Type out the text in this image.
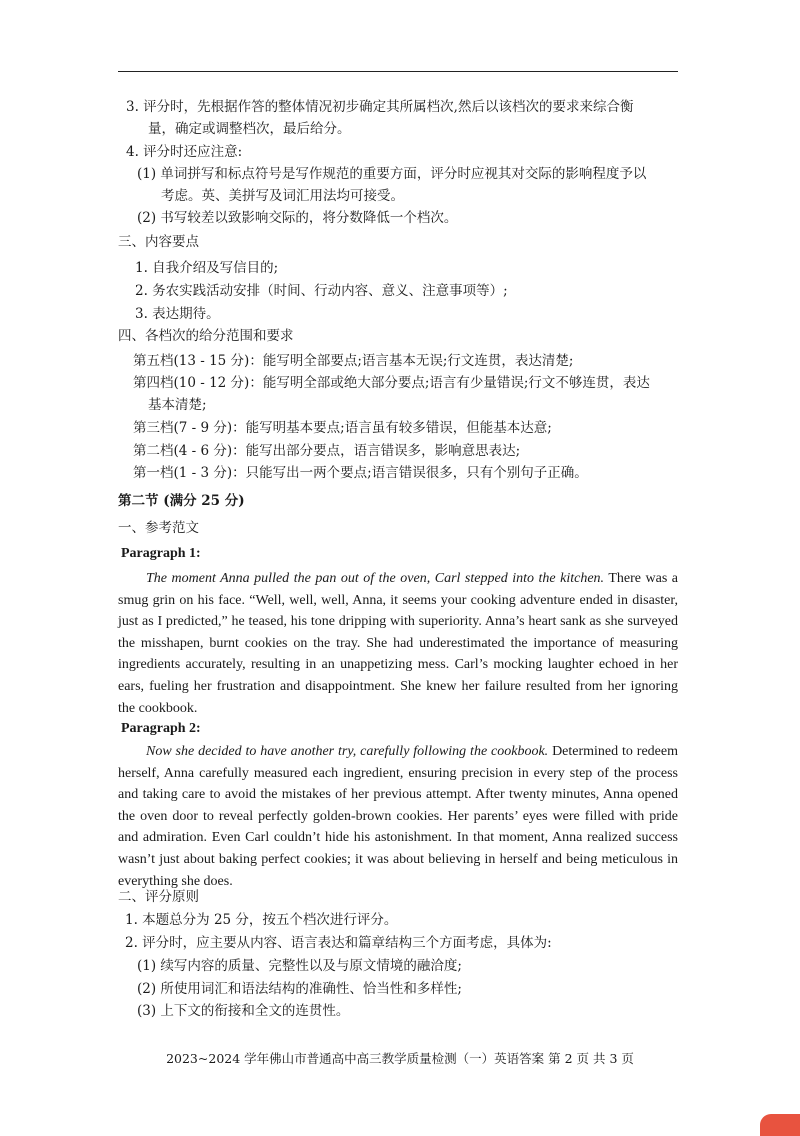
3. 评分时，先根据作答的整体情况初步确定其所属档次,然后以该档次的要求来综合衡

量，确定或调整档次，最后给分。

4. 评分时还应注意:

(1) 单词拼写和标点符号是写作规范的重要方面，评分时应视其对交际的影响程度予以

考虑。英、美拼写及词汇用法均可接受。

(2) 书写较差以致影响交际的，将分数降低一个档次。

三、内容要点

1. 自我介绍及写信目的;

2. 务农实践活动安排（时间、行动内容、意义、注意事项等）;

3. 表达期待。

四、各档次的给分范围和要求

第五档(13 - 15 分)：能写明全部要点;语言基本无误;行文连贯，表达清楚;

第四档(10 - 12 分)：能写明全部或绝大部分要点;语言有少量错误;行文不够连贯，表达

基本清楚;

第三档(7 - 9 分)：能写明基本要点;语言虽有较多错误，但能基本达意;

第二档(4 - 6 分)：能写出部分要点，语言错误多，影响意思表达;

第一档(1 - 3 分)：只能写出一两个要点;语言错误很多，只有个别句子正确。

第二节 (满分 25 分)

一、参考范文

Paragraph 1:

The moment Anna pulled the pan out of the oven, Carl stepped into the kitchen. There was a smug grin on his face. “Well, well, well, Anna, it seems your cooking adventure ended in disaster, just as I predicted,” he teased, his tone dripping with superiority. Anna’s heart sank as she surveyed the misshapen, burnt cookies on the tray. She had underestimated the importance of measuring ingredients accurately, resulting in an unappetizing mess. Carl’s mocking laughter echoed in her ears, fueling her frustration and disappointment. She knew her failure resulted from her ignoring the cookbook.

Paragraph 2:

Now she decided to have another try, carefully following the cookbook. Determined to redeem herself, Anna carefully measured each ingredient, ensuring precision in every step of the process and taking care to avoid the mistakes of her previous attempt. After twenty minutes, Anna opened the oven door to reveal perfectly golden-brown cookies. Her parents’ eyes were filled with pride and admiration. Even Carl couldn’t hide his astonishment. In that moment, Anna realized success wasn’t just about baking perfect cookies; it was about believing in herself and being meticulous in everything she does.

二、评分原则

1. 本题总分为 25 分，按五个档次进行评分。

2. 评分时，应主要从内容、语言表达和篇章结构三个方面考虑，具体为:

(1) 续写内容的质量、完整性以及与原文情境的融洽度;

(2) 所使用词汇和语法结构的准确性、恰当性和多样性;

(3) 上下文的衔接和全文的连贯性。

2023~2024 学年佛山市普通高中高三教学质量检测（一）英语答案 第 2 页 共 3 页
